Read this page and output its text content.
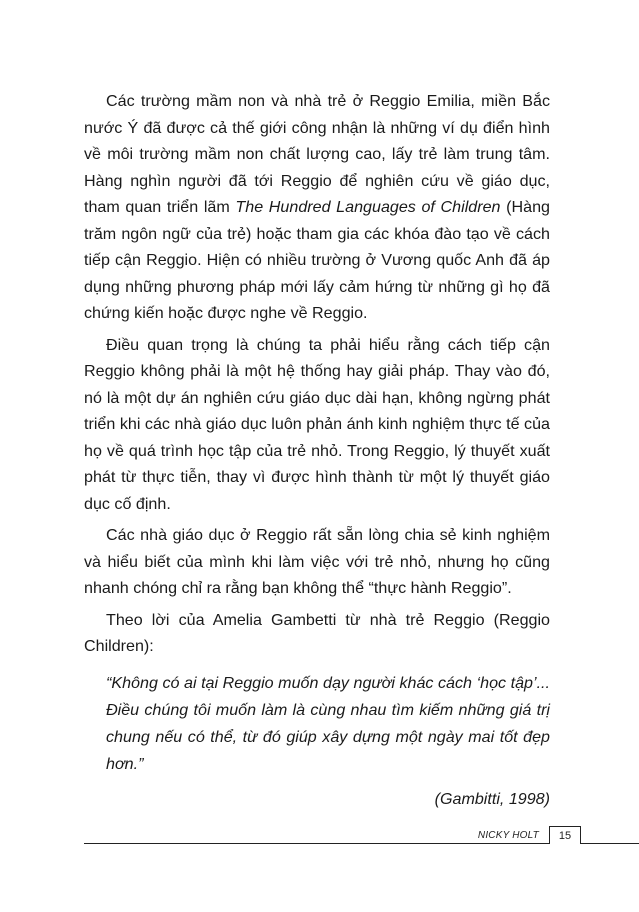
Các trường mầm non và nhà trẻ ở Reggio Emilia, miền Bắc nước Ý đã được cả thế giới công nhận là những ví dụ điển hình về môi trường mầm non chất lượng cao, lấy trẻ làm trung tâm. Hàng nghìn người đã tới Reggio để nghiên cứu về giáo dục, tham quan triển lãm The Hundred Languages of Children (Hàng trăm ngôn ngữ của trẻ) hoặc tham gia các khóa đào tạo về cách tiếp cận Reggio. Hiện có nhiều trường ở Vương quốc Anh đã áp dụng những phương pháp mới lấy cảm hứng từ những gì họ đã chứng kiến hoặc được nghe về Reggio.

Điều quan trọng là chúng ta phải hiểu rằng cách tiếp cận Reggio không phải là một hệ thống hay giải pháp. Thay vào đó, nó là một dự án nghiên cứu giáo dục dài hạn, không ngừng phát triển khi các nhà giáo dục luôn phản ánh kinh nghiệm thực tế của họ về quá trình học tập của trẻ nhỏ. Trong Reggio, lý thuyết xuất phát từ thực tiễn, thay vì được hình thành từ một lý thuyết giáo dục cố định.

Các nhà giáo dục ở Reggio rất sẵn lòng chia sẻ kinh nghiệm và hiểu biết của mình khi làm việc với trẻ nhỏ, nhưng họ cũng nhanh chóng chỉ ra rằng bạn không thể “thực hành Reggio”.

Theo lời của Amelia Gambetti từ nhà trẻ Reggio (Reggio Children):

“Không có ai tại Reggio muốn dạy người khác cách ‘học tập’... Điều chúng tôi muốn làm là cùng nhau tìm kiếm những giá trị chung nếu có thể, từ đó giúp xây dựng một ngày mai tốt đẹp hơn.”
(Gambitti, 1998)
NICKY HOLT	15
